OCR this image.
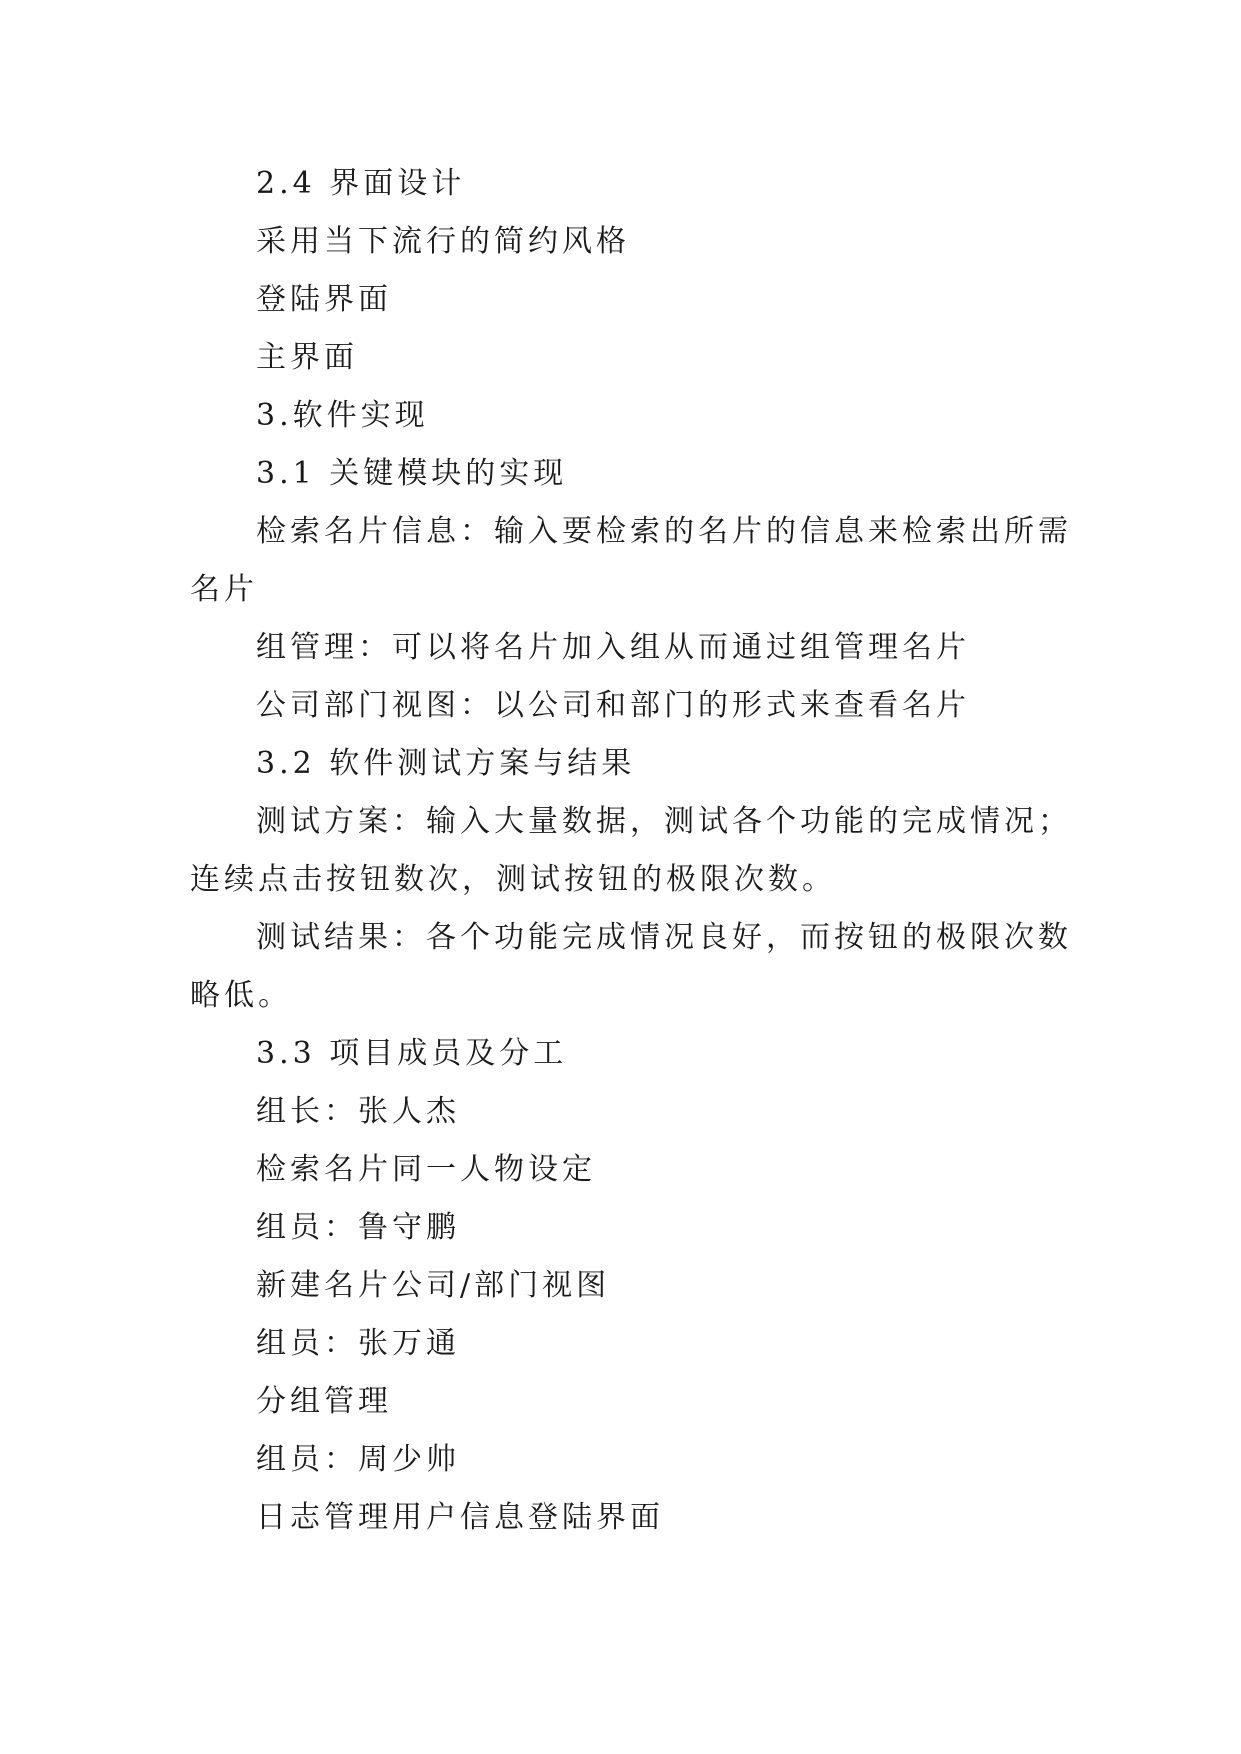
2.4 界面设计

采用当下流行的简约风格

登陆界面

主界面

3.软件实现

3.1 关键模块的实现

检索名片信息：输入要检索的名片的信息来检索出所需

名片

组管理：可以将名片加入组从而通过组管理名片

公司部门视图：以公司和部门的形式来查看名片

3.2 软件测试方案与结果

测试方案：输入大量数据，测试各个功能的完成情况；

连续点击按钮数次，测试按钮的极限次数。

测试结果：各个功能完成情况良好，而按钮的极限次数

略低。

3.3 项目成员及分工

组长：张人杰

检索名片同一人物设定

组员：鲁守鹏

新建名片公司/部门视图

组员：张万通

分组管理

组员：周少帅

日志管理用户信息登陆界面
